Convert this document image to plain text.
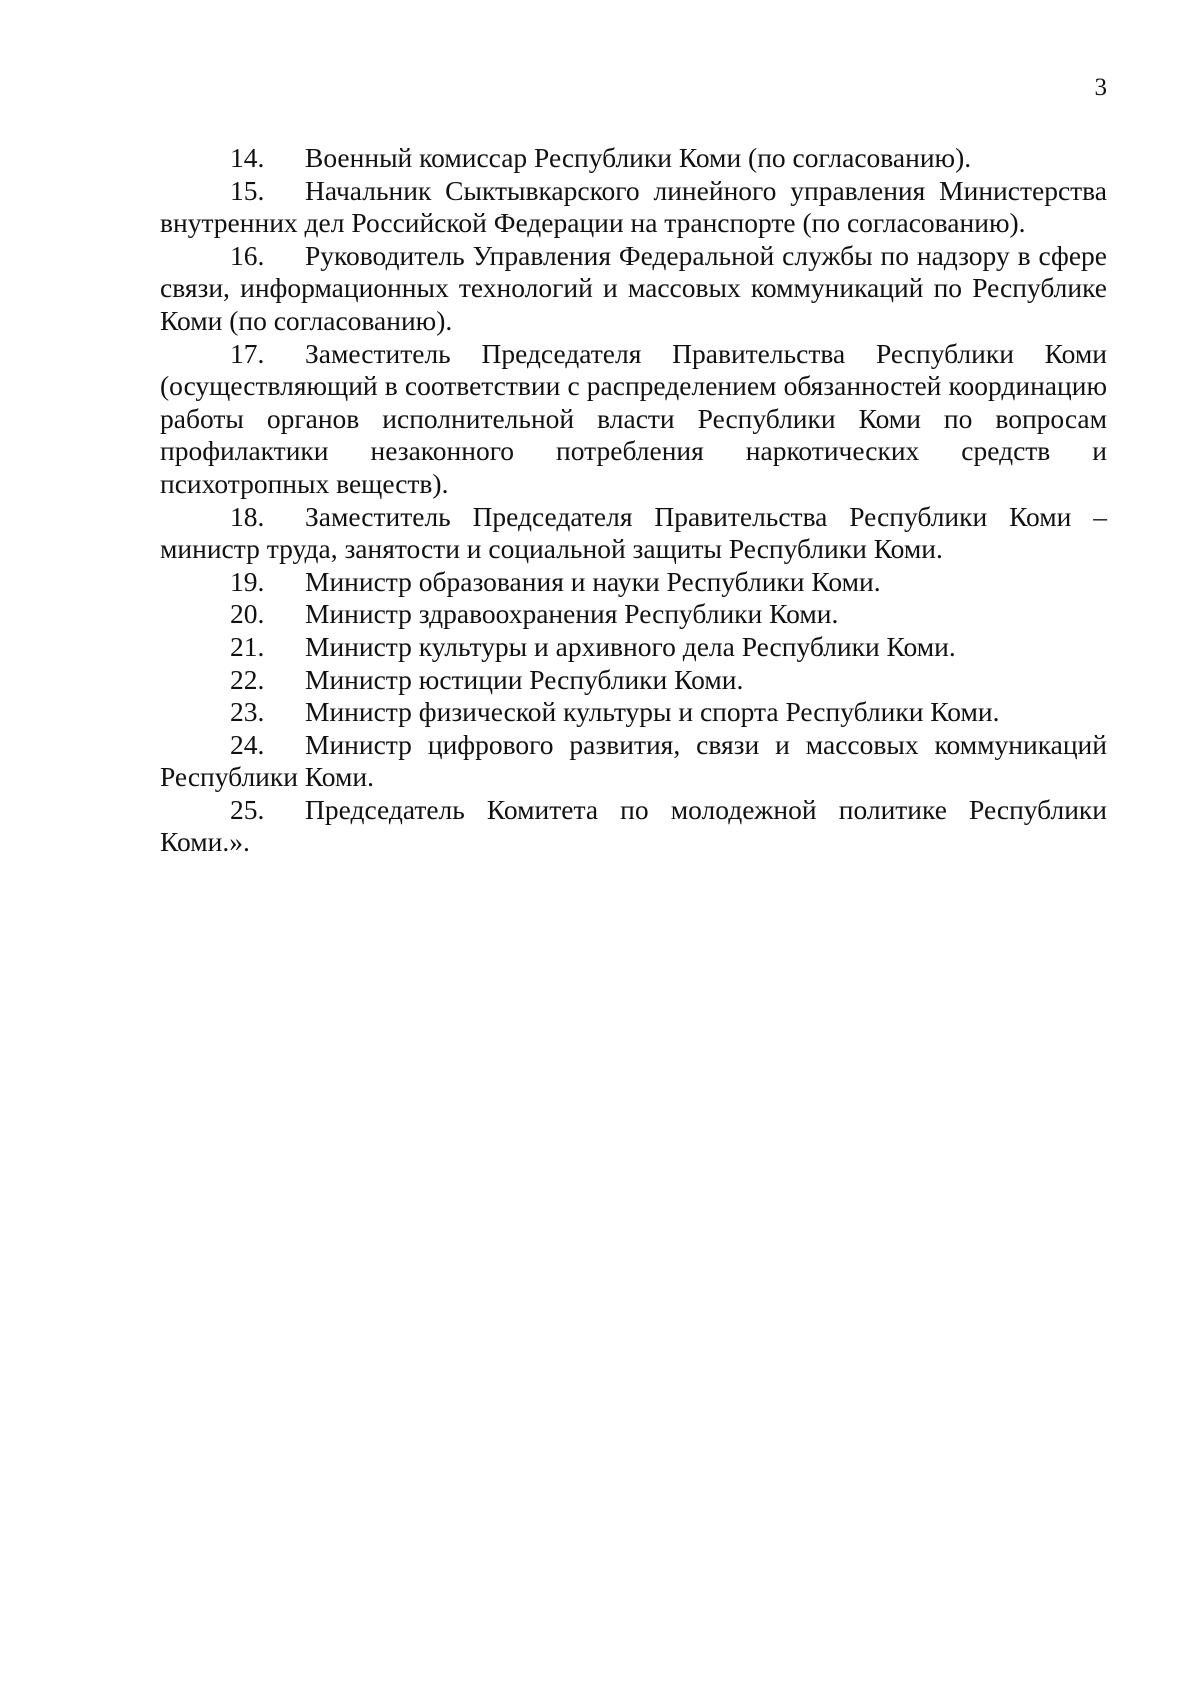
3

14. Военный комиссар Республики Коми (по согласованию).

15. Начальник Сыктывкарского линейного управления Министерства внутренних дел Российской Федерации на транспорте (по согласованию).

16. Руководитель Управления Федеральной службы по надзору в сфере связи, информационных технологий и массовых коммуникаций по Республике Коми (по согласованию).

17. Заместитель Председателя Правительства Республики Коми (осуществляющий в соответствии с распределением обязанностей координацию работы органов исполнительной власти Республики Коми по вопросам профилактики незаконного потребления наркотических средств и психотропных веществ).

18. Заместитель Председателя Правительства Республики Коми – министр труда, занятости и социальной защиты Республики Коми.

19. Министр образования и науки Республики Коми.

20. Министр здравоохранения Республики Коми.

21. Министр культуры и архивного дела Республики Коми.

22. Министр юстиции Республики Коми.

23. Министр физической культуры и спорта Республики Коми.

24. Министр цифрового развития, связи и массовых коммуникаций Республики Коми.

25. Председатель Комитета по молодежной политике Республики Коми.».
